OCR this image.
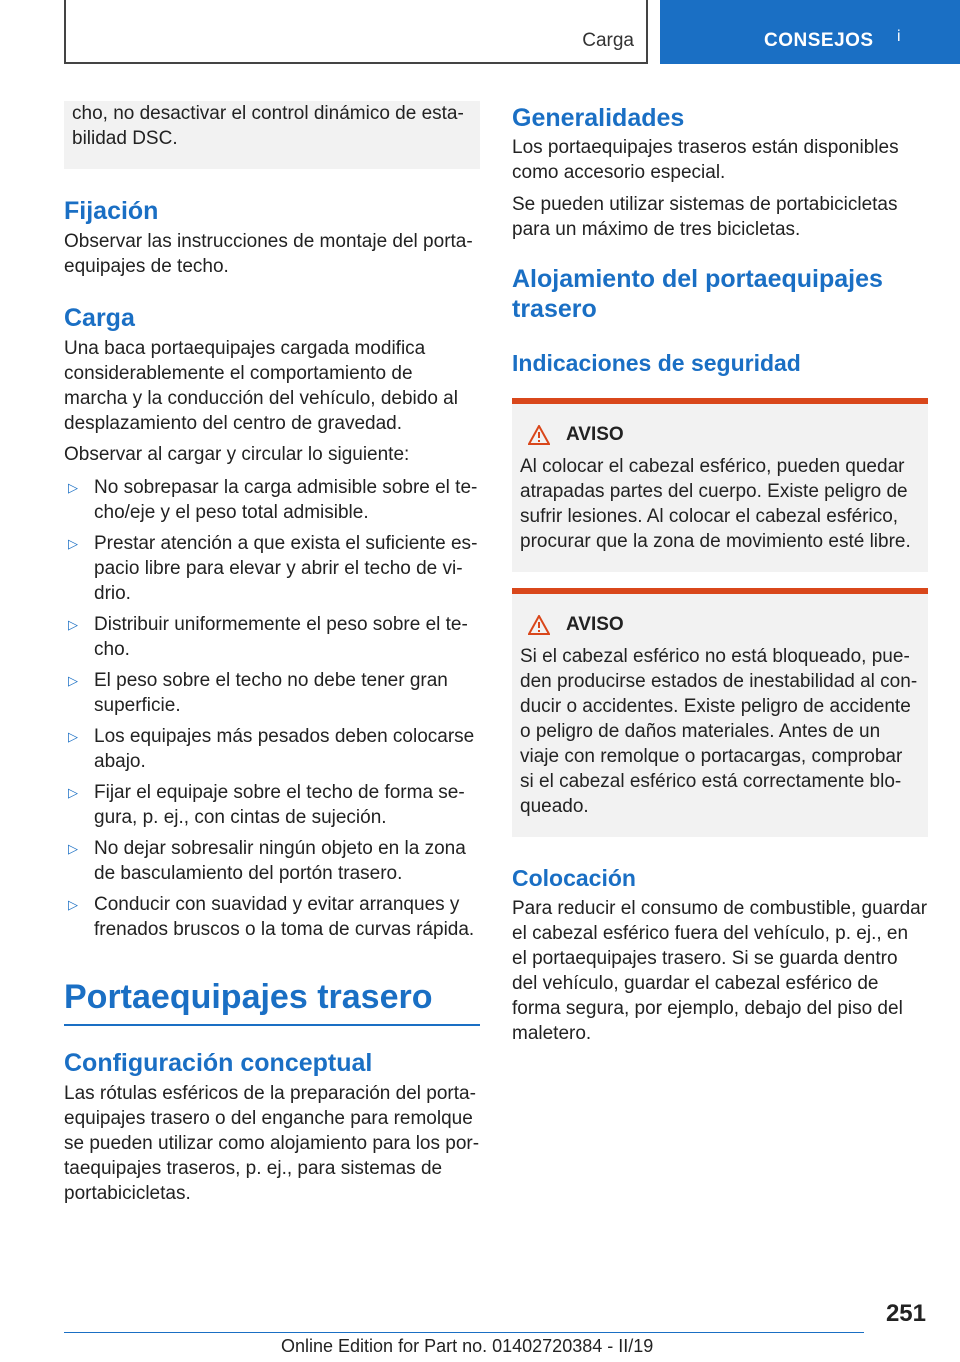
Carga	CONSEJOS i

cho, no desactivar el control dinámico de estabilidad DSC.

Fijación

Observar las instrucciones de montaje del portaequipajes de techo.

Carga

Una baca portaequipajes cargada modifica considerablemente el comportamiento de marcha y la conducción del vehículo, debido al desplazamiento del centro de gravedad.

Observar al cargar y circular lo siguiente:

▷ No sobrepasar la carga admisible sobre el techo/eje y el peso total admisible.
▷ Prestar atención a que exista el suficiente espacio libre para elevar y abrir el techo de vidrio.
▷ Distribuir uniformemente el peso sobre el techo.
▷ El peso sobre el techo no debe tener gran superficie.
▷ Los equipajes más pesados deben colocarse abajo.
▷ Fijar el equipaje sobre el techo de forma segura, p. ej., con cintas de sujeción.
▷ No dejar sobresalir ningún objeto en la zona de basculamiento del portón trasero.
▷ Conducir con suavidad y evitar arranques y frenados bruscos o la toma de curvas rápida.
Portaequipajes trasero
Configuración conceptual

Las rótulas esféricos de la preparación del portaequipajes trasero o del enganche para remolque se pueden utilizar como alojamiento para los portaequipajes traseros, p. ej., para sistemas de portabicicletas.

Generalidades

Los portaequipajes traseros están disponibles como accesorio especial.

Se pueden utilizar sistemas de portabicicletas para un máximo de tres bicicletas.

Alojamiento del portaequipajes trasero
Indicaciones de seguridad
AVISO

Al colocar el cabezal esférico, pueden quedar atrapadas partes del cuerpo. Existe peligro de sufrir lesiones. Al colocar el cabezal esférico, procurar que la zona de movimiento esté libre.

AVISO

Si el cabezal esférico no está bloqueado, pueden producirse estados de inestabilidad al conducir o accidentes. Existe peligro de accidente o peligro de daños materiales. Antes de un viaje con remolque o portacargas, comprobar si el cabezal esférico está correctamente bloqueado.

Colocación

Para reducir el consumo de combustible, guardar el cabezal esférico fuera del vehículo, p. ej., en el portaequipajes trasero. Si se guarda dentro del vehículo, guardar el cabezal esférico de forma segura, por ejemplo, debajo del piso del maletero.

251
Online Edition for Part no. 01402720384 - II/19
